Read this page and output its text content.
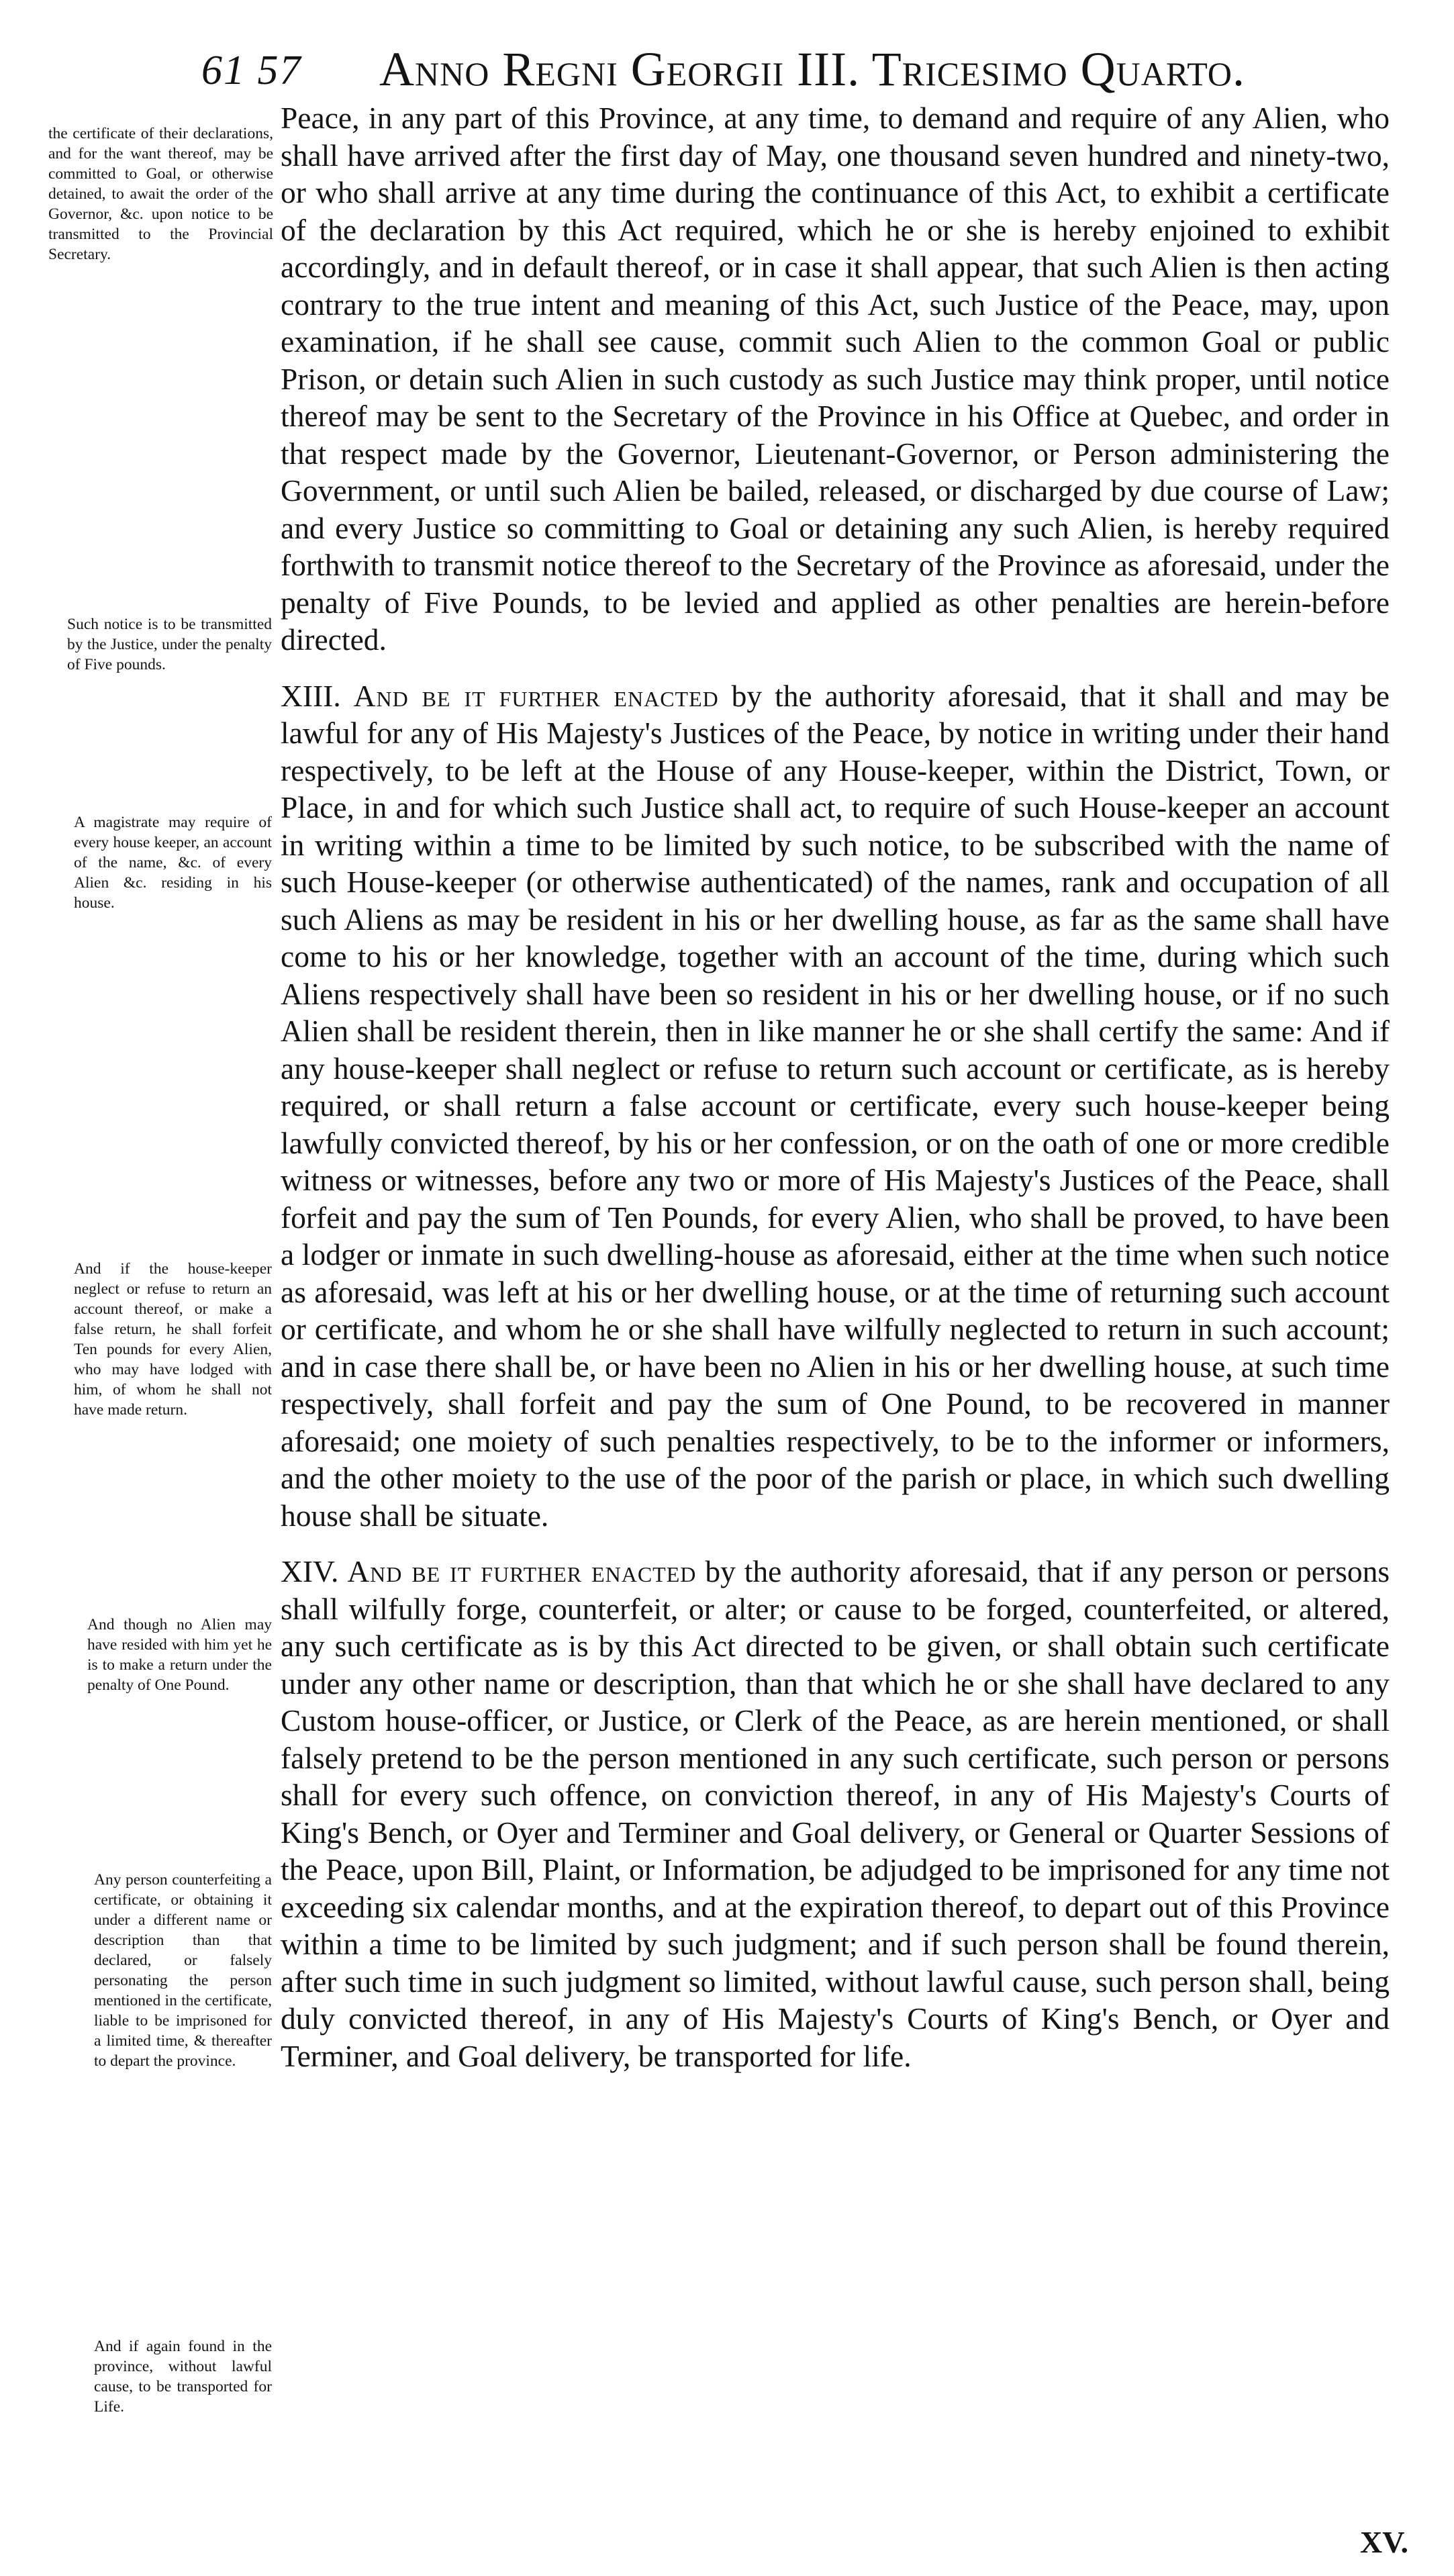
61 57 Anno Regni Georgii III. Tricesimo Quarto.
the certificate of their declarations, and for the want thereof, may be committed to Goal, or otherwise detained, to await the order of the Governor, &c. upon notice to be transmitted to the Provincial Secretary.
Such notice is to be transmitted by the Justice, under the penalty of Five pounds.
A magistrate may require of every house keeper, an account of the name, &c. of every Alien &c. residing in his house.
And if the house-keeper neglect or refuse to return an account thereof, or make a false return, he shall forfeit Ten pounds for every Alien, who may have lodged with him, of whom he shall not have made return.
And though no Alien may have resided with him yet he is to make a return under the penalty of One Pound.
Any person counterfeiting a certificate, or obtaining it under a different name or description than that declared, or falsely personating the person mentioned in the certificate, liable to be imprisoned for a limited time, & thereafter to depart the province.
And if again found in the province, without lawful cause, to be transported for Life.

Peace, in any part of this Province, at any time, to demand and require of any Alien, who shall have arrived after the first day of May, one thousand seven hundred and ninety-two, or who shall arrive at any time during the continuance of this Act, to exhibit a certificate of the declaration by this Act required, which he or she is hereby enjoined to exhibit accordingly, and in default thereof, or in case it shall appear, that such Alien is then acting contrary to the true intent and meaning of this Act, such Justice of the Peace, may, upon examination, if he shall see cause, commit such Alien to the common Goal or public Prison, or detain such Alien in such custody as such Justice may think proper, until notice thereof may be sent to the Secretary of the Province in his Office at Quebec, and order in that respect made by the Governor, Lieutenant-Governor, or Person administering the Government, or until such Alien be bailed, released, or discharged by due course of Law; and every Justice so committing to Goal or detaining any such Alien, is hereby required forthwith to transmit notice thereof to the Secretary of the Province as aforesaid, under the penalty of Five Pounds, to be levied and applied as other penalties are herein-before directed.

XIII. And be it further enacted by the authority aforesaid, that it shall and may be lawful for any of His Majesty's Justices of the Peace, by notice in writing under their hand respectively, to be left at the House of any House-keeper, within the District, Town, or Place, in and for which such Justice shall act, to require of such House-keeper an account in writing within a time to be limited by such notice, to be subscribed with the name of such House-keeper (or otherwise authenticated) of the names, rank and occupation of all such Aliens as may be resident in his or her dwelling house, as far as the same shall have come to his or her knowledge, together with an account of the time, during which such Aliens respectively shall have been so resident in his or her dwelling house, or if no such Alien shall be resident therein, then in like manner he or she shall certify the same: And if any house-keeper shall neglect or refuse to return such account or certificate, as is hereby required, or shall return a false account or certificate, every such house-keeper being lawfully convicted thereof, by his or her confession, or on the oath of one or more credible witness or witnesses, before any two or more of His Majesty's Justices of the Peace, shall forfeit and pay the sum of Ten Pounds, for every Alien, who shall be proved, to have been a lodger or inmate in such dwelling-house as aforesaid, either at the time when such notice as aforesaid, was left at his or her dwelling house, or at the time of returning such account or certificate, and whom he or she shall have wilfully neglected to return in such account; and in case there shall be, or have been no Alien in his or her dwelling house, at such time respectively, shall forfeit and pay the sum of One Pound, to be recovered in manner aforesaid; one moiety of such penalties respectively, to be to the informer or informers, and the other moiety to the use of the poor of the parish or place, in which such dwelling house shall be situate.

XIV. And be it further enacted by the authority aforesaid, that if any person or persons shall wilfully forge, counterfeit, or alter; or cause to be forged, counterfeited, or altered, any such certificate as is by this Act directed to be given, or shall obtain such certificate under any other name or description, than that which he or she shall have declared to any Custom house-officer, or Justice, or Clerk of the Peace, as are herein mentioned, or shall falsely pretend to be the person mentioned in any such certificate, such person or persons shall for every such offence, on conviction thereof, in any of His Majesty's Courts of King's Bench, or Oyer and Terminer and Goal delivery, or General or Quarter Sessions of the Peace, upon Bill, Plaint, or Information, be adjudged to be imprisoned for any time not exceeding six calendar months, and at the expiration thereof, to depart out of this Province within a time to be limited by such judgment; and if such person shall be found therein, after such time in such judgment so limited, without lawful cause, such person shall, being duly convicted thereof, in any of His Majesty's Courts of King's Bench, or Oyer and Terminer, and Goal delivery, be transported for life.

XV.
